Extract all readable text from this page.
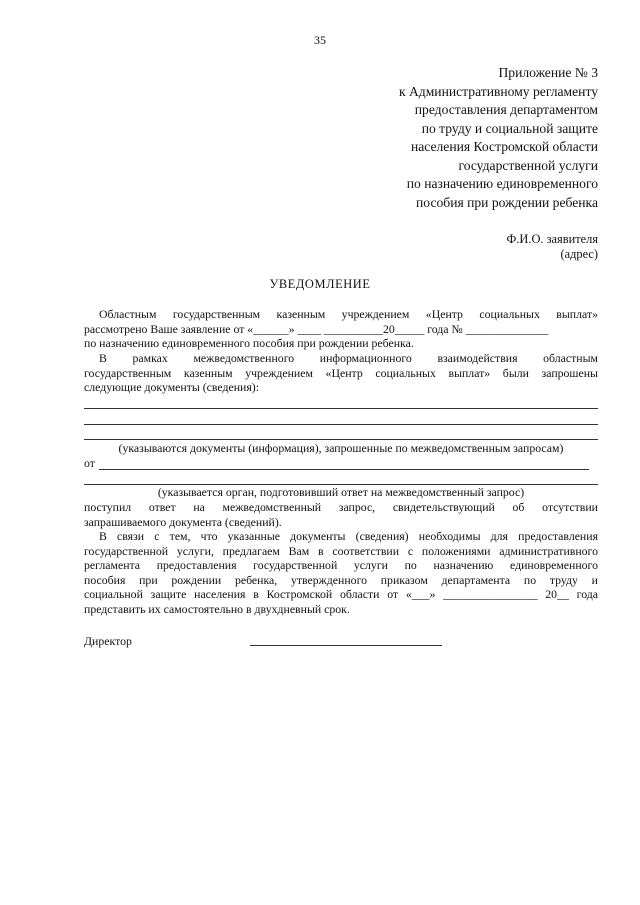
35
Приложение № 3
к Административному регламенту
предоставления департаментом
по труду и социальной защите
населения Костромской области
государственной услуги
по назначению единовременного
пособия при рождении ребенка
Ф.И.О. заявителя
(адрес)
УВЕДОМЛЕНИЕ
Областным государственным казенным учреждением «Центр социальных выплат»
рассмотрено Ваше заявление от «______» ____ __________20_____ года № ______________
по назначению единовременного пособия при рождении ребенка.
В рамках межведомственного информационного взаимодействия областным
государственным казенным учреждением «Центр социальных выплат» были запрошены
следующие документы (сведения):
(указываются документы (информация), запрошенные по межведомственным запросам)
от
(указывается орган, подготовивший ответ на межведомственный запрос)
поступил ответ на межведомственный запрос, свидетельствующий об отсутствии
запрашиваемого документа (сведений).
В связи с тем, что указанные документы (сведения) необходимы для предоставления
государственной услуги, предлагаем Вам в соответствии с положениями административного
регламента предоставления государственной услуги по назначению единовременного
пособия при рождении ребенка, утвержденного приказом департамента по труду и
социальной защите населения в Костромской области от «___» ________________ 20__ года
представить их самостоятельно в двухдневный срок.
Директор
